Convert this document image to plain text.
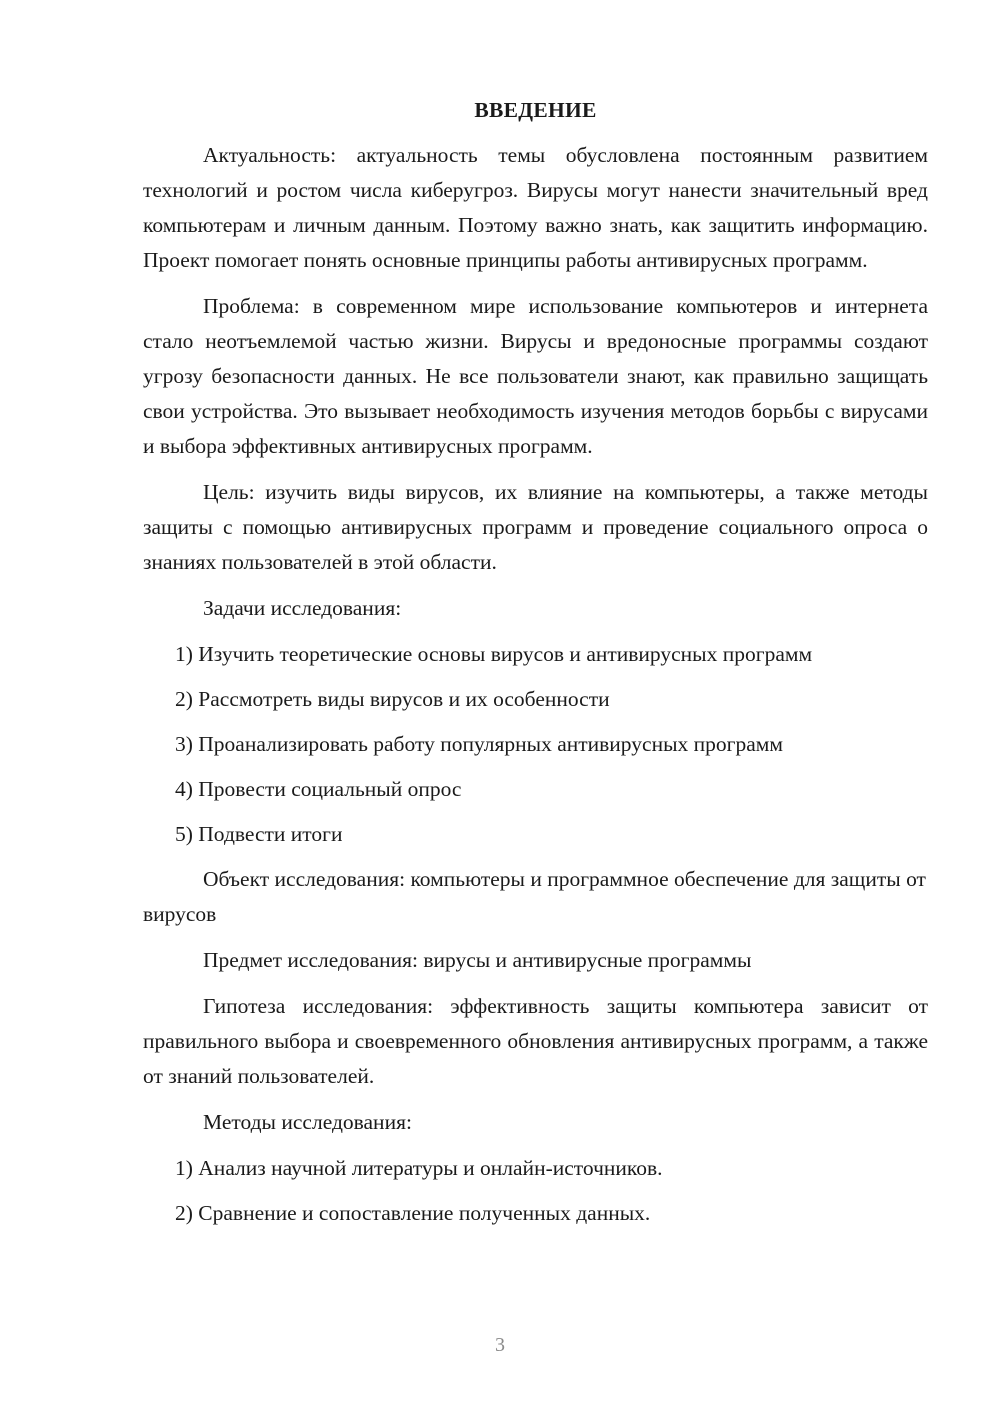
ВВЕДЕНИЕ

Актуальность: актуальность темы обусловлена постоянным развитием технологий и ростом числа киберугроз. Вирусы могут нанести значительный вред компьютерам и личным данным. Поэтому важно знать, как защитить информацию. Проект помогает понять основные принципы работы антивирусных программ.

Проблема: в современном мире использование компьютеров и интернета стало неотъемлемой частью жизни. Вирусы и вредоносные программы создают угрозу безопасности данных. Не все пользователи знают, как правильно защищать свои устройства. Это вызывает необходимость изучения методов борьбы с вирусами и выбора эффективных антивирусных программ.

Цель: изучить виды вирусов, их влияние на компьютеры, а также методы защиты с помощью антивирусных программ и проведение социального опроса о знаниях пользователей в этой области.

Задачи исследования:

1) Изучить теоретические основы вирусов и антивирусных программ
2) Рассмотреть виды вирусов и их особенности
3) Проанализировать работу популярных антивирусных программ
4) Провести социальный опрос
5) Подвести итоги

Объект исследования: компьютеры и программное обеспечение для защиты от вирусов

Предмет исследования: вирусы и антивирусные программы

Гипотеза исследования: эффективность защиты компьютера зависит от правильного выбора и своевременного обновления антивирусных программ, а также от знаний пользователей.

Методы исследования:

1) Анализ научной литературы и онлайн-источников.
2) Сравнение и сопоставление полученных данных.
3
